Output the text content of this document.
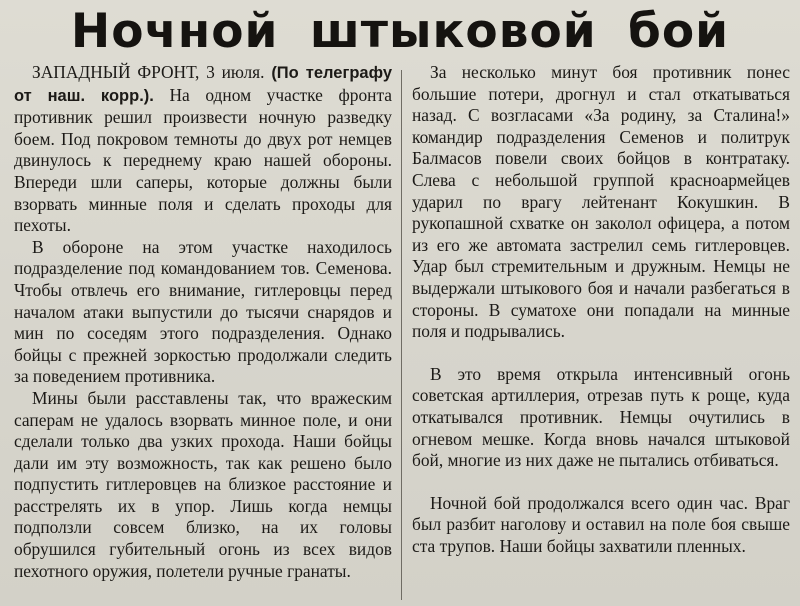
Ночной штыковой бой

ЗАПАДНЫЙ ФРОНТ, 3 июля. (По телеграфу от наш. корр.). На одном участке фронта противник решил произвести ночную разведку боем. Под покровом темноты до двух рот немцев двинулось к переднему краю нашей обороны. Впереди шли саперы, которые должны были взорвать минные поля и сделать проходы для пехоты.

В обороне на этом участке находилось подразделение под командованием тов. Семенова. Чтобы отвлечь его внимание, гитлеровцы перед началом атаки выпустили до тысячи снарядов и мин по соседям этого подразделения. Однако бойцы с прежней зоркостью продолжали следить за поведением противника.

Мины были расставлены так, что вражеским саперам не удалось взорвать минное поле, и они сделали только два узких прохода. Наши бойцы дали им эту возможность, так как решено было подпустить гитлеровцев на близкое расстояние и расстрелять их в упор. Лишь когда немцы подползли совсем близко, на их головы обрушился губительный огонь из всех видов пехотного оружия, полетели ручные гранаты.

За несколько минут боя противник понес большие потери, дрогнул и стал откатываться назад. С возгласами «За родину, за Сталина!» командир подразделения Семенов и политрук Балмасов повели своих бойцов в контратаку. Слева с небольшой группой красноармейцев ударил по врагу лейтенант Кокушкин. В рукопашной схватке он заколол офицера, а потом из его же автомата застрелил семь гитлеровцев. Удар был стремительным и дружным. Немцы не выдержали штыкового боя и начали разбегаться в стороны. В суматохе они попадали на минные поля и подрывались.

В это время открыла интенсивный огонь советская артиллерия, отрезав путь к роще, куда откатывался противник. Немцы очутились в огневом мешке. Когда вновь начался штыковой бой, многие из них даже не пытались отбиваться.

Ночной бой продолжался всего один час. Враг был разбит наголову и оставил на поле боя свыше ста трупов. Наши бойцы захватили пленных.
